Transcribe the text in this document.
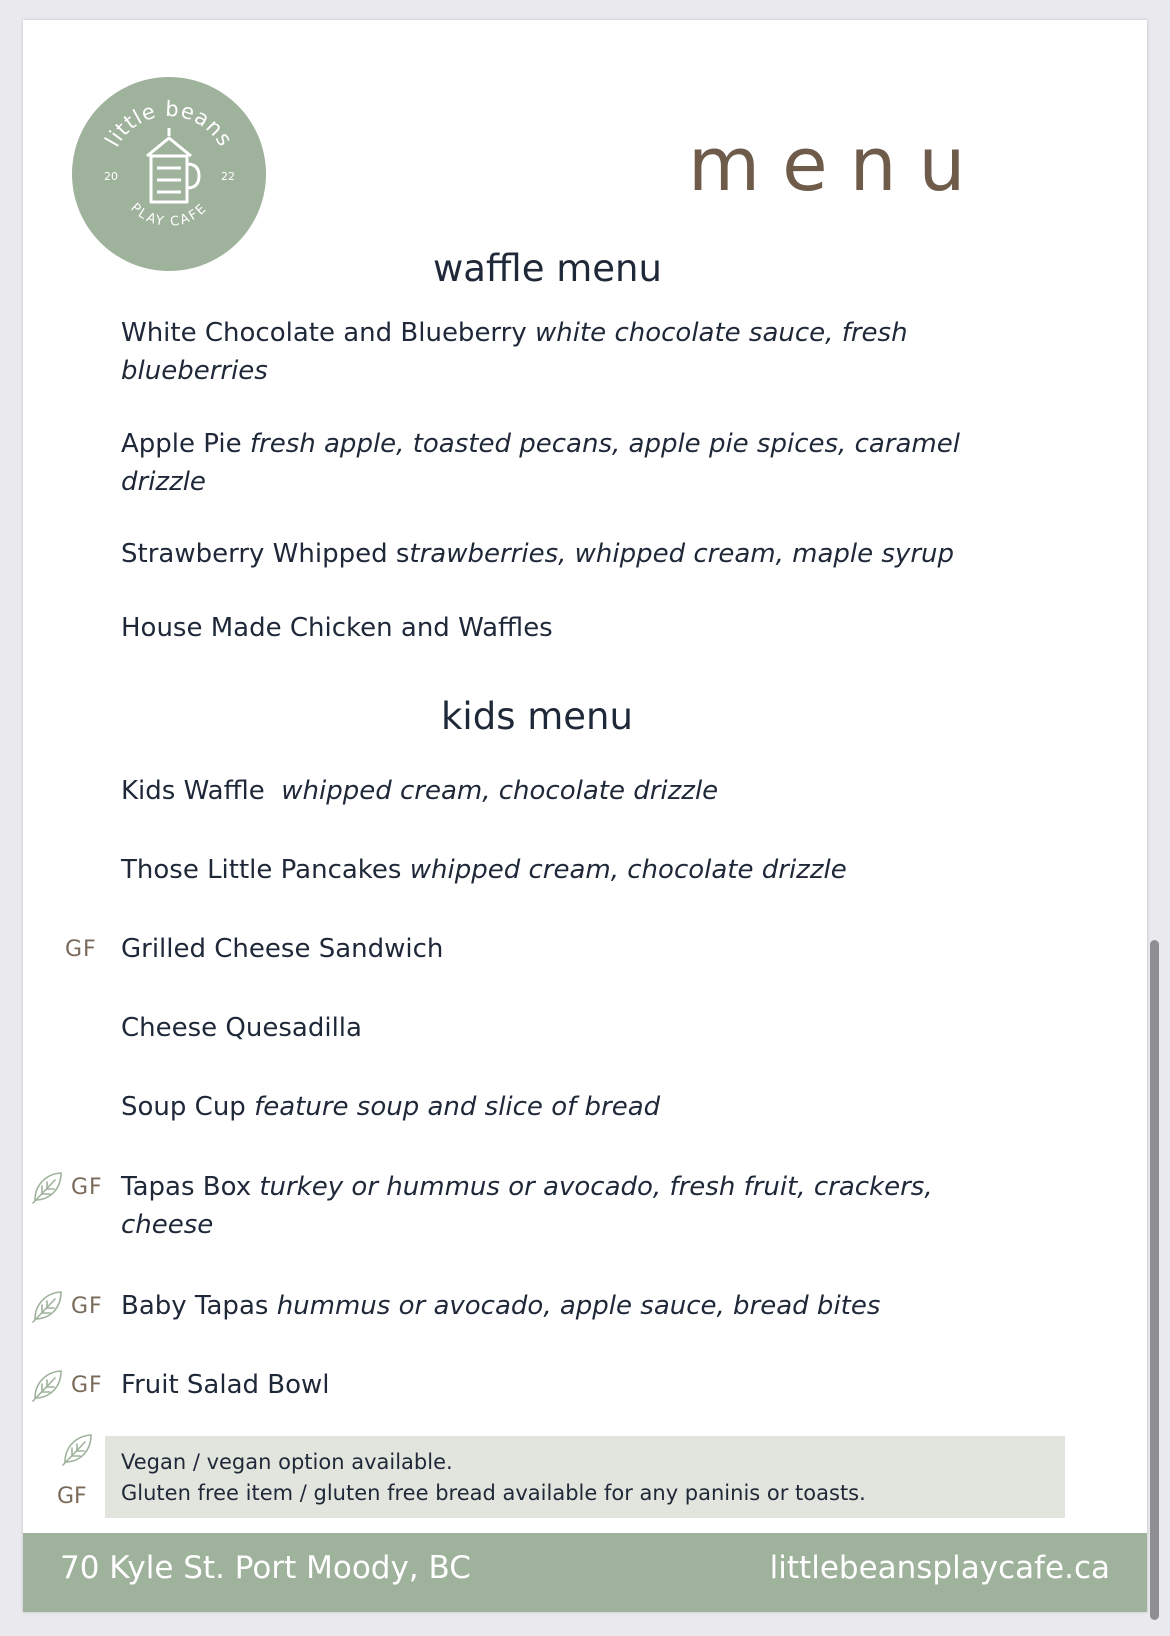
little beans
PLAY CAFE
20	22	menu
waffle menu
White Chocolate and Blueberry white chocolate sauce, fresh blueberries
Apple Pie fresh apple, toasted pecans, apple pie spices, caramel drizzle
Strawberry Whipped strawberries, whipped cream, maple syrup
House Made Chicken and Waffles
kids menu
Kids Waffle whipped cream, chocolate drizzle
Those Little Pancakes whipped cream, chocolate drizzle
GF Grilled Cheese Sandwich
Cheese Quesadilla
Soup Cup feature soup and slice of bread
GF Tapas Box turkey or hummus or avocado, fresh fruit, crackers, cheese
GF Baby Tapas hummus or avocado, apple sauce, bread bites
GF Fruit Salad Bowl
GF
Vegan / vegan option available.
Gluten free item / gluten free bread available for any paninis or toasts.
70 Kyle St. Port Moody, BC	littlebeansplaycafe.ca
